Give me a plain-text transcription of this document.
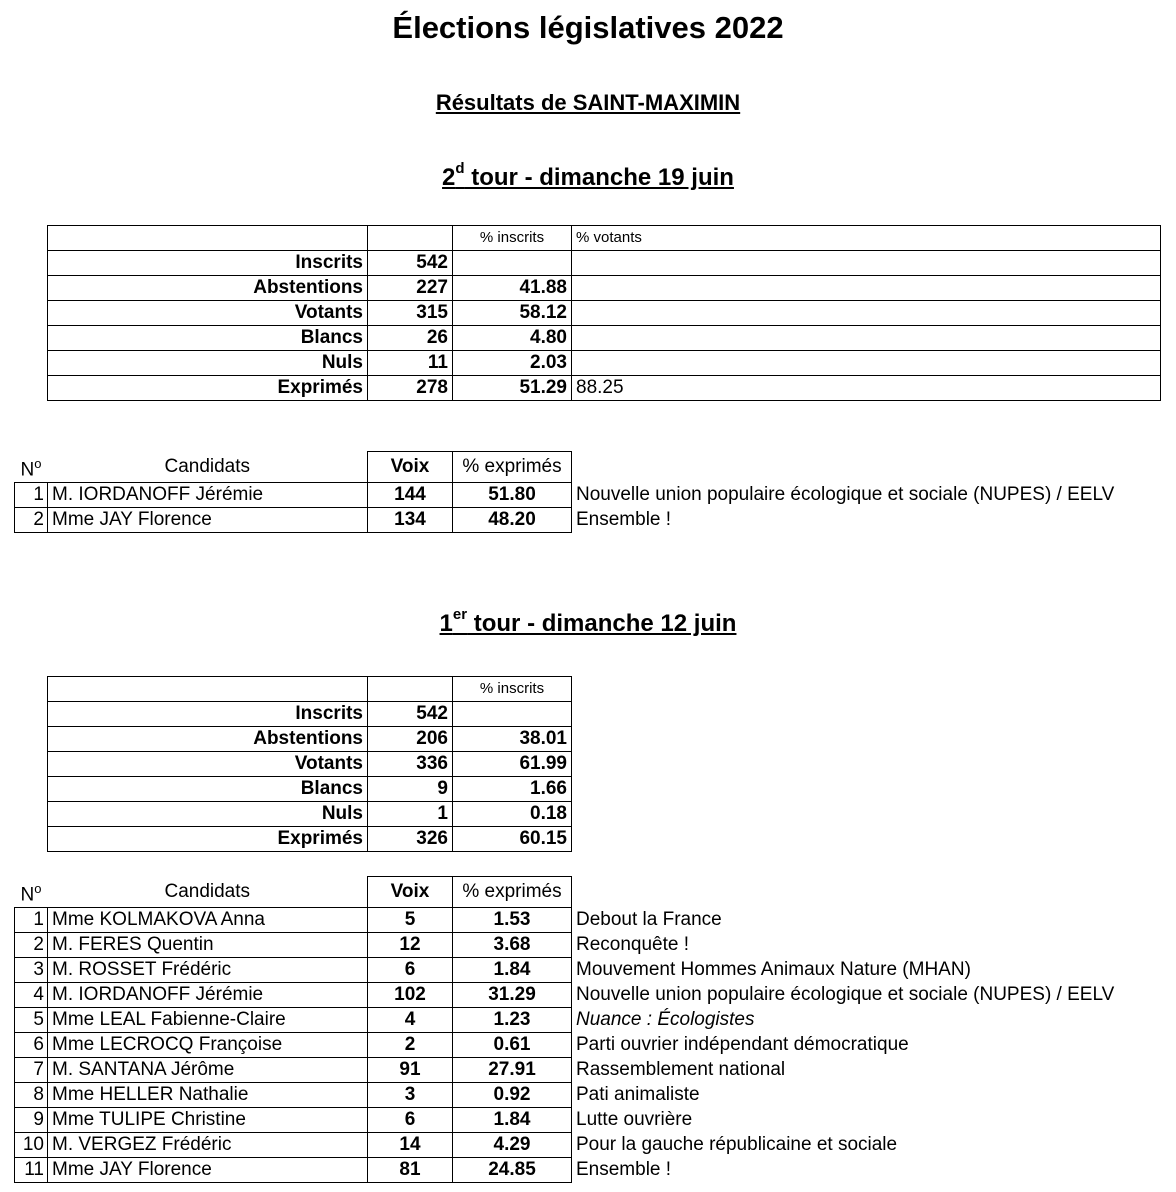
Élections législatives 2022
Résultats de SAINT-MAXIMIN
2$^d$ tour - dimanche 19 juin
		% inscrits	% votants
Inscrits	542		
Abstentions	227	41.88	
Votants	315	58.12	
Blancs	26	4.80	
Nuls	11	2.03	
Exprimés	278	51.29	88.25
$N^o$	Candidats	Voix	% exprimés	
1	M. IORDANOFF Jérémie	144	51.80	Nouvelle union populaire écologique et sociale (NUPES) / EELV
2	Mme JAY Florence	134	48.20	Ensemble !
1er tour - dimanche 12 juin
		% inscrits
Inscrits	542	
Abstentions	206	38.01
Votants	336	61.99
Blancs	9	1.66
Nuls	1	0.18
Exprimés	326	60.15
$N^o$	Candidats	Voix	% exprimés	
1	Mme KOLMAKOVA Anna	5	1.53	Debout la France
2	M. FERES Quentin	12	3.68	Reconquête !
3	M. ROSSET Frédéric	6	1.84	Mouvement Hommes Animaux Nature (MHAN)
4	M. IORDANOFF Jérémie	102	31.29	Nouvelle union populaire écologique et sociale (NUPES) / EELV
5	Mme LEAL Fabienne-Claire	4	1.23	Nuance : Écologistes
6	Mme LECROCQ Françoise	2	0.61	Parti ouvrier indépendant démocratique
7	M. SANTANA Jérôme	91	27.91	Rassemblement national
8	Mme HELLER Nathalie	3	0.92	Pati animaliste
9	Mme TULIPE Christine	6	1.84	Lutte ouvrière
10	M. VERGEZ Frédéric	14	4.29	Pour la gauche républicaine et sociale
11	Mme JAY Florence	81	24.85	Ensemble !
